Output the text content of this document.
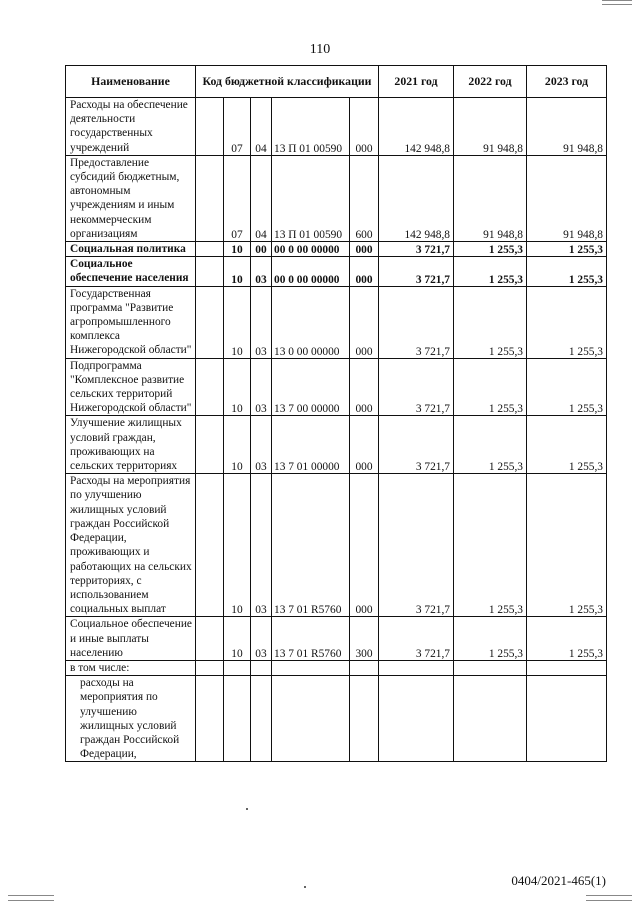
110
Наименование	Код бюджетной классификации					2021 год	2022 год	2023 год
Расходы на обеспечение деятельности государственных учреждений		07	04	13 П 01 00590	000	142 948,8	91 948,8	91 948,8
Предоставление субсидий бюджетным, автономным учреждениям и иным некоммерческим организациям		07	04	13 П 01 00590	600	142 948,8	91 948,8	91 948,8
Социальная политика		10	00	00 0 00 00000	000	3 721,7	1 255,3	1 255,3
Социальное обеспечение населения		10	03	00 0 00 00000	000	3 721,7	1 255,3	1 255,3
Государственная программа "Развитие агропромышленного комплекса Нижегородской области"		10	03	13 0 00 00000	000	3 721,7	1 255,3	1 255,3
Подпрограмма "Комплексное развитие сельских территорий Нижегородской области"		10	03	13 7 00 00000	000	3 721,7	1 255,3	1 255,3
Улучшение жилищных условий граждан, проживающих на сельских территориях		10	03	13 7 01 00000	000	3 721,7	1 255,3	1 255,3
Расходы на мероприятия по улучшению жилищных условий граждан Российской Федерации, проживающих и работающих на сельских территориях, с использованием социальных выплат		10	03	13 7 01 R5760	000	3 721,7	1 255,3	1 255,3
Социальное обеспечение и иные выплаты населению		10	03	13 7 01 R5760	300	3 721,7	1 255,3	1 255,3
в том числе:								
расходы на мероприятия по улучшению жилищных условий граждан Российской Федерации,								
0404/2021-465(1)
